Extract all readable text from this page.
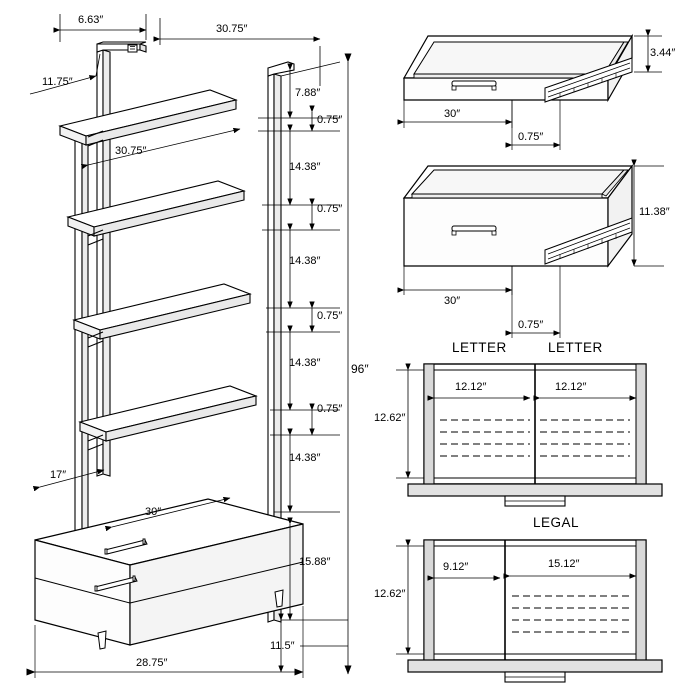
6.63″
30.75″
11.75″
7.88″
0.75″
30.75″
14.38″
0.75″
14.38″
0.75″
14.38″	96″
0.75″
14.38″
17″
30″
15.88″
11.5″
28.75″
3.44″
30″
0.75″
11.38″
30″
0.75″
LETTER	LETTER
12.12″	12.12″
12.62″
LEGAL
9.12″	15.12″
12.62″
